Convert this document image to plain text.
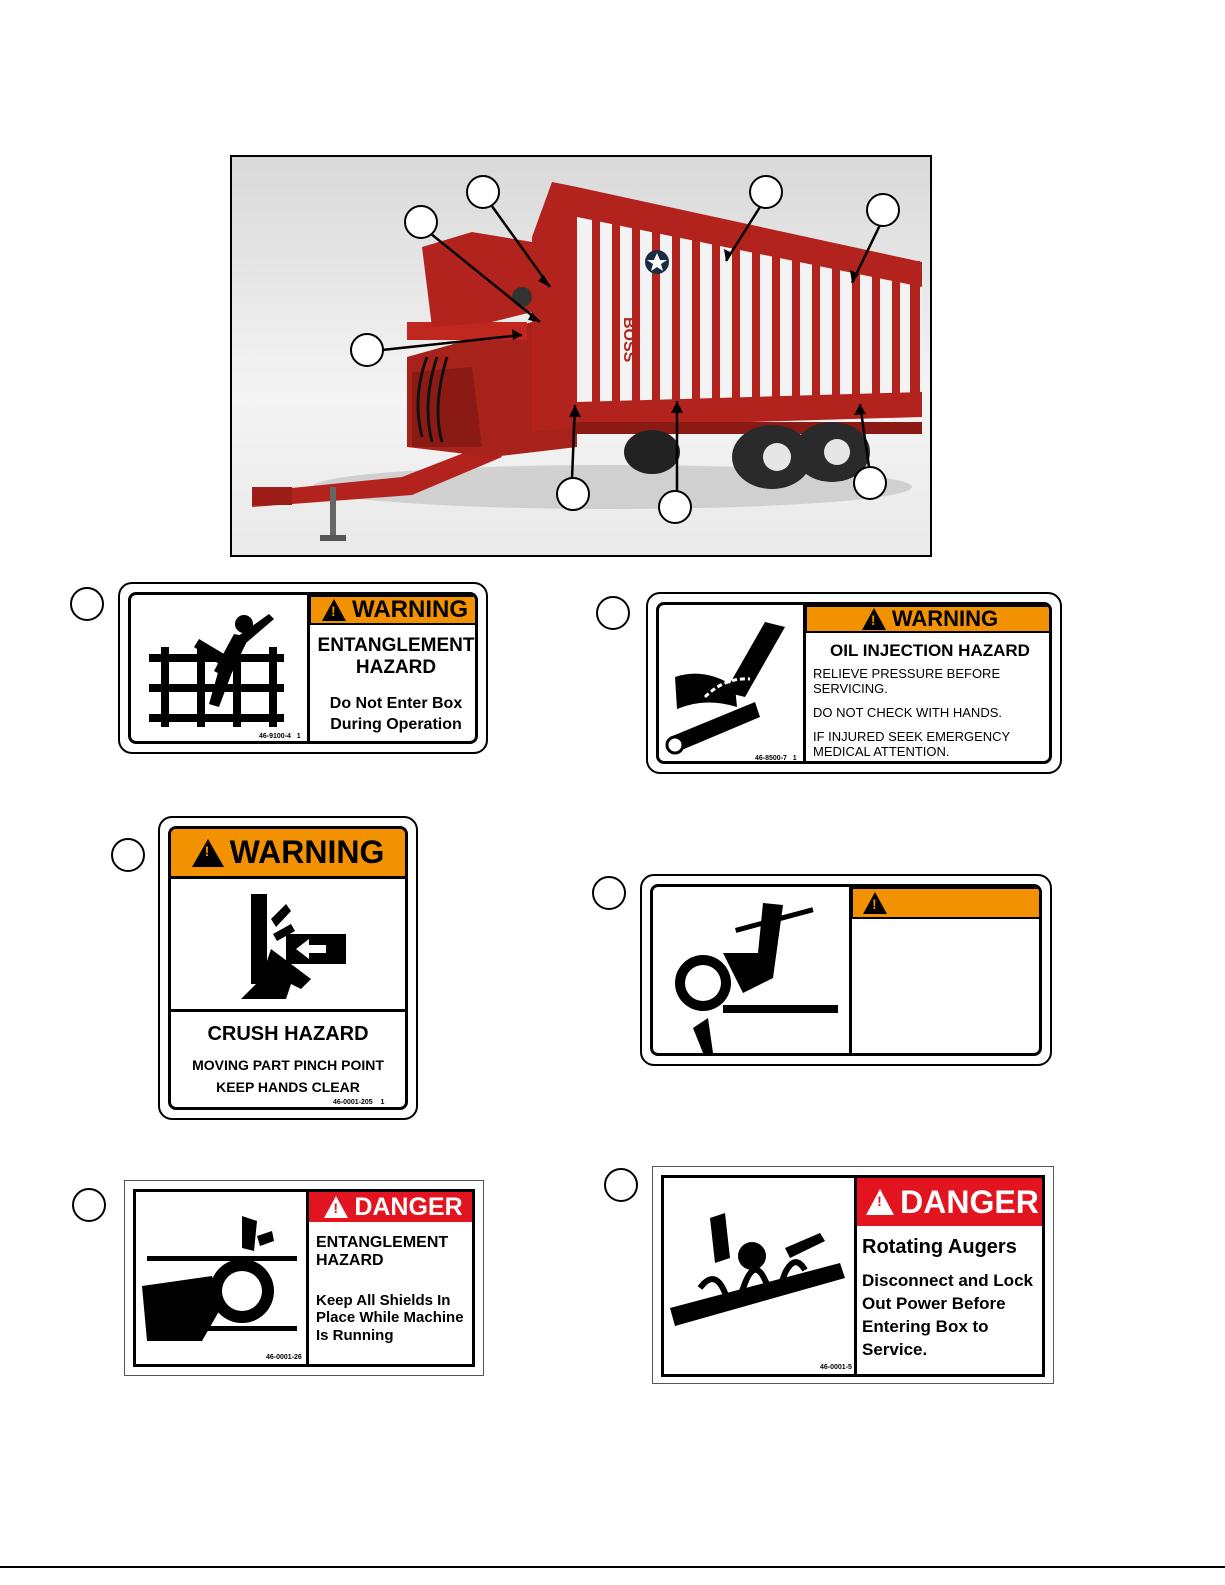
BOSS
!
WARNING
ENTANGLEMENT
HAZARD
Do Not Enter Box
During Operation
46-9100-4 1
!
WARNING
OIL INJECTION HAZARD
RELIEVE PRESSURE BEFORE
SERVICING.
DO NOT CHECK WITH HANDS.
IF INJURED SEEK EMERGENCY
MEDICAL ATTENTION.
46-8500-7 1
!
WARNING
CRUSH HAZARD
MOVING PART PINCH POINT
KEEP HANDS CLEAR
46-0001-205 1
!
!
DANGER
ENTANGLEMENT
HAZARD
Keep All Shields In
Place While Machine
Is Running
46-0001-26
!
DANGER
Rotating Augers
Disconnect and Lock
Out Power Before
Entering Box to
Service.
46-0001-5
